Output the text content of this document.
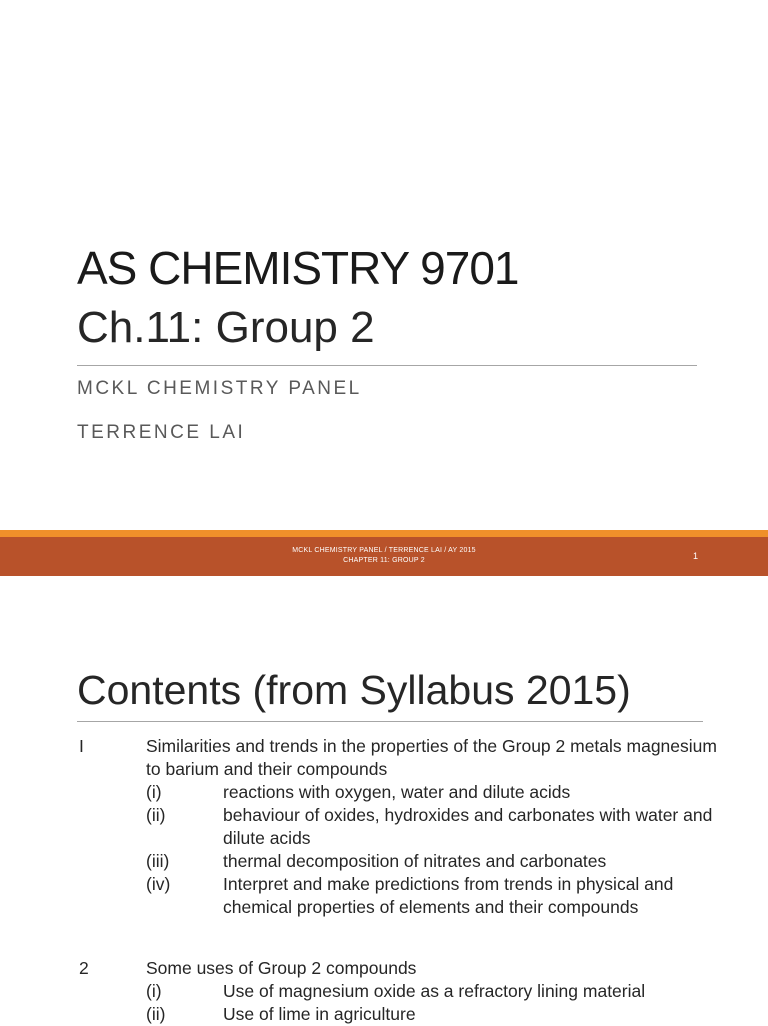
AS CHEMISTRY 9701
Ch.11: Group 2
MCKL CHEMISTRY PANEL
TERRENCE LAI
MCKL CHEMISTRY PANEL / TERRENCE LAI / AY 2015
CHAPTER 11: GROUP 2	1
Contents (from Syllabus 2015)
I	Similarities and trends in the properties of the Group 2 metals magnesium to barium and their compounds
(i)	reactions with oxygen, water and dilute acids
(ii)	behaviour of oxides, hydroxides and carbonates with water and dilute acids
(iii)	thermal decomposition of nitrates and carbonates
(iv)	Interpret and make predictions from trends in physical and chemical properties of elements and their compounds
2	Some uses of Group 2 compounds
(i)	Use of magnesium oxide as a refractory lining material
(ii)	Use of lime in agriculture
